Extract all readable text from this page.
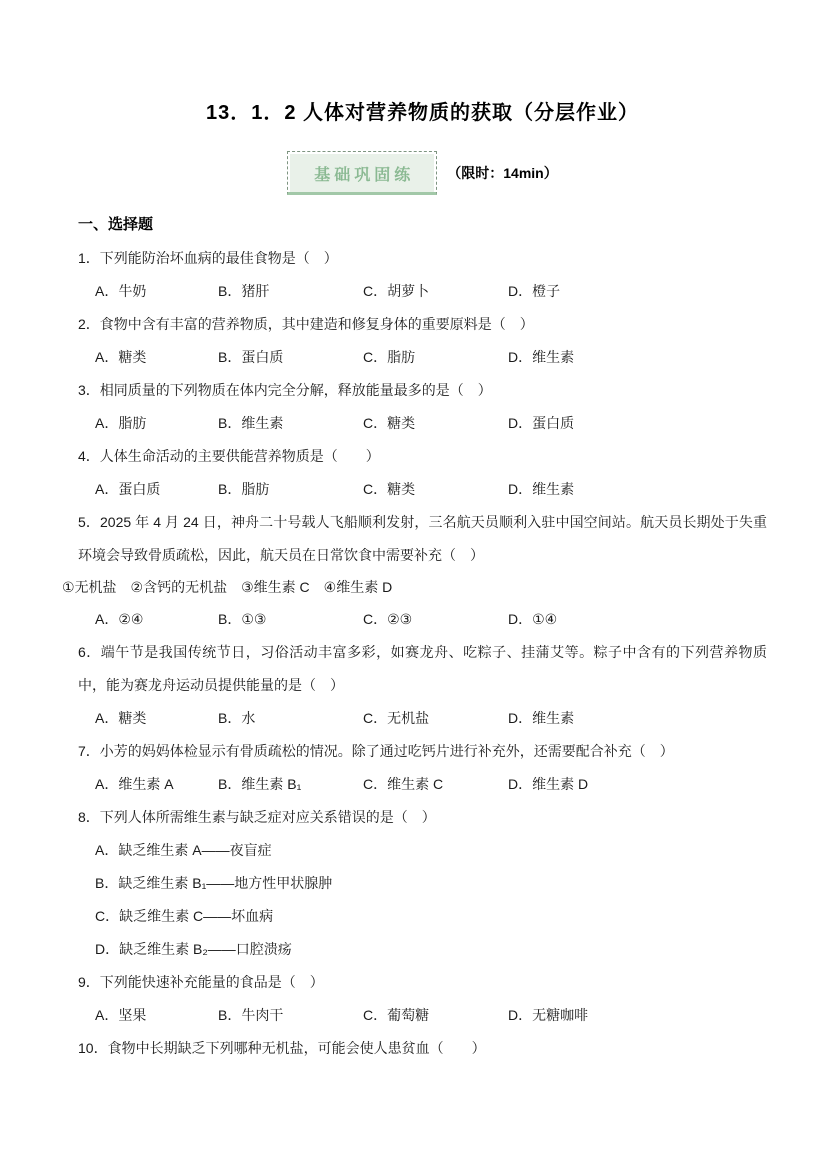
13．1．2 人体对营养物质的获取（分层作业）
基础巩固练	（限时：14min）
一、选择题
1．下列能防治坏血病的最佳食物是（　）
A．牛奶	B．猪肝	C．胡萝卜	D．橙子
2．食物中含有丰富的营养物质，其中建造和修复身体的重要原料是（　）
A．糖类	B．蛋白质	C．脂肪	D．维生素
3．相同质量的下列物质在体内完全分解，释放能量最多的是（　）
A．脂肪	B．维生素	C．糖类	D．蛋白质
4．人体生命活动的主要供能营养物质是（　　）
A．蛋白质	B．脂肪	C．糖类	D．维生素
5．2025 年 4 月 24 日，神舟二十号载人飞船顺利发射，三名航天员顺利入驻中国空间站。航天员长期处于失重环境会导致骨质疏松，因此，航天员在日常饮食中需要补充（　）
①无机盐　②含钙的无机盐　③维生素 C　④维生素 D
A．②④	B．①③	C．②③	D．①④
6．端午节是我国传统节日，习俗活动丰富多彩，如赛龙舟、吃粽子、挂蒲艾等。粽子中含有的下列营养物质中，能为赛龙舟运动员提供能量的是（　）
A．糖类	B．水	C．无机盐	D．维生素
7．小芳的妈妈体检显示有骨质疏松的情况。除了通过吃钙片进行补充外，还需要配合补充（　）
A．维生素 A	B．维生素 B₁	C．维生素 C	D．维生素 D
8．下列人体所需维生素与缺乏症对应关系错误的是（　）
A．缺乏维生素 A——夜盲症
B．缺乏维生素 B₁——地方性甲状腺肿
C．缺乏维生素 C——坏血病
D．缺乏维生素 B₂——口腔溃疡
9．下列能快速补充能量的食品是（　）
A．坚果	B．牛肉干	C．葡萄糖	D．无糖咖啡
10．食物中长期缺乏下列哪种无机盐，可能会使人患贫血（　　）
